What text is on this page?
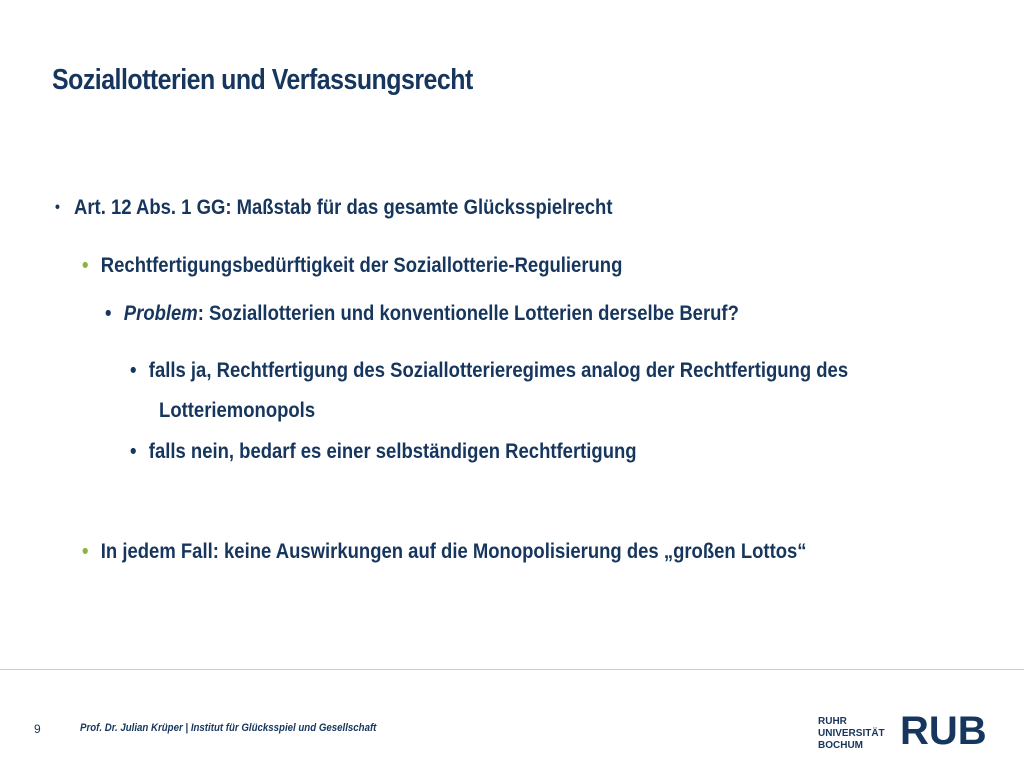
Soziallotterien und Verfassungsrecht
• Art. 12 Abs. 1 GG: Maßstab für das gesamte Glücksspielrecht
• Rechtfertigungsbedürftigkeit der Soziallotterie-Regulierung
• Problem: Soziallotterien und konventionelle Lotterien derselbe Beruf?
• falls ja, Rechtfertigung des Soziallotterieregimes analog der Rechtfertigung des
Lotteriemonopols
• falls nein, bedarf es einer selbständigen Rechtfertigung
• In jedem Fall: keine Auswirkungen auf die Monopolisierung des „großen Lottos“
9	Prof. Dr. Julian Krüper | Institut für Glücksspiel und Gesellschaft
RUHR
UNIVERSITÄT
BOCHUM RUB
